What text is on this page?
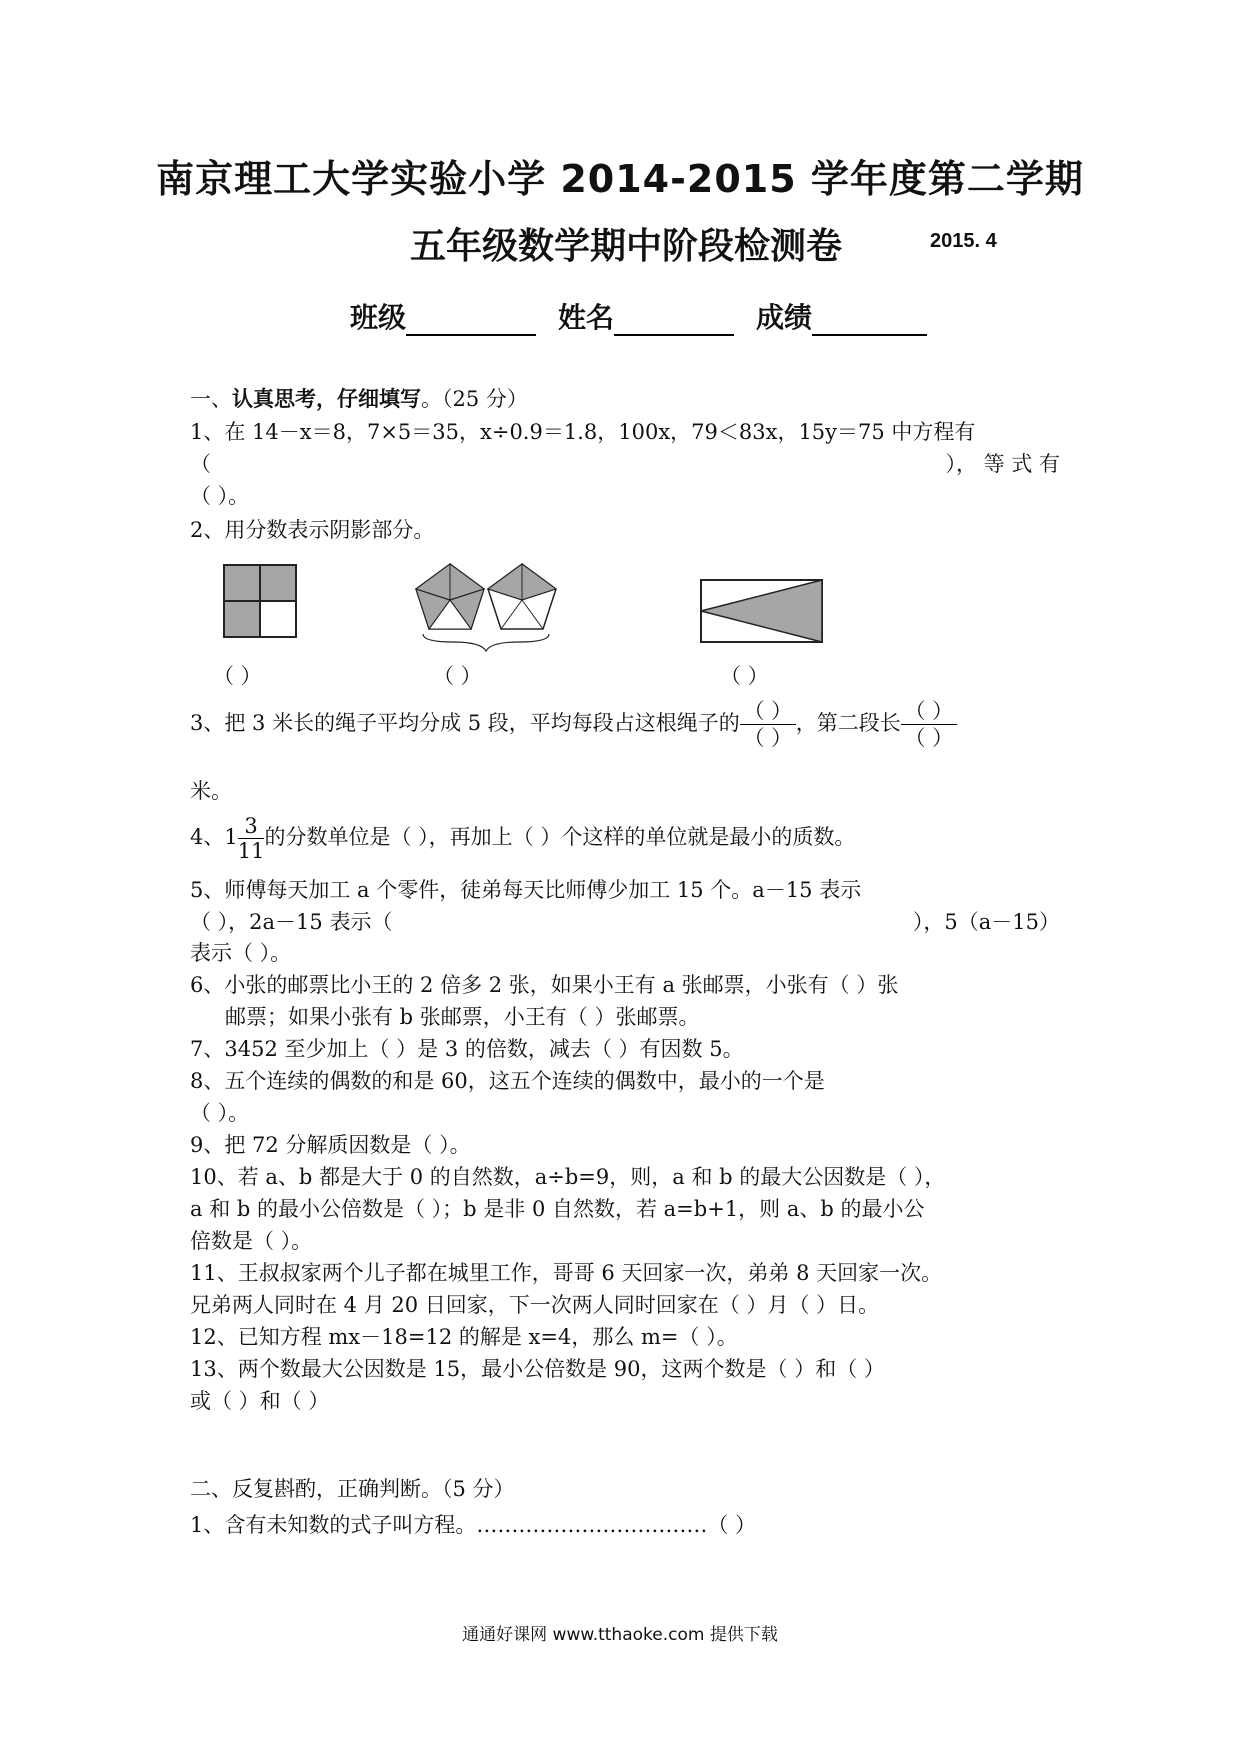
南京理工大学实验小学 2014-2015 学年度第二学期
五年级数学期中阶段检测卷	2015. 4
班级	姓名	成绩
一、认真思考，仔细填写。（25 分）
1、在 14－x＝8，7×5＝35，x÷0.9＝1.8，100x，79＜83x，15y＝75 中方程有
（	）， 等 式 有
（ ）。
2、用分数表示阴影部分。
（ ）	（ ）	（ ）
3、把 3 米长的绳子平均分成 5 段，平均每段占这根绳子的 $\frac{( )}{( )}$ ，第二段长 $\frac{( )}{( )}$
米。
4、$1 \frac{3}{11}$ 的分数单位是（ ），再加上（ ）个这样的单位就是最小的质数。
5、师傅每天加工 a 个零件，徒弟每天比师傅少加工 15 个。a－15 表示
（ ），2a－15 表示（	），5（a－15）
表示（ ）。
6、小张的邮票比小王的 2 倍多 2 张，如果小王有 a 张邮票，小张有（ ）张
邮票；如果小张有 b 张邮票，小王有（ ）张邮票。
7、3452 至少加上（ ）是 3 的倍数，减去（ ）有因数 5。
8、五个连续的偶数的和是 60，这五个连续的偶数中，最小的一个是
（ ）。
9、把 72 分解质因数是（ ）。
10、若 a、b 都是大于 0 的自然数，a÷b=9，则，a 和 b 的最大公因数是（ ），
a 和 b 的最小公倍数是（ ）；b 是非 0 自然数，若 a=b+1，则 a、b 的最小公
倍数是（ ）。
11、王叔叔家两个儿子都在城里工作，哥哥 6 天回家一次，弟弟 8 天回家一次。
兄弟两人同时在 4 月 20 日回家，下一次两人同时回家在（ ）月（ ）日。
12、已知方程 mx－18=12 的解是 x=4，那么 m=（ ）。
13、两个数最大公因数是 15，最小公倍数是 90，这两个数是（ ）和（ ）
或（ ）和（ ）
二、反复斟酌，正确判断。（5 分）
1、含有未知数的式子叫方程。……………………………（ ）
通通好课网 www.tthaoke.com 提供下载
